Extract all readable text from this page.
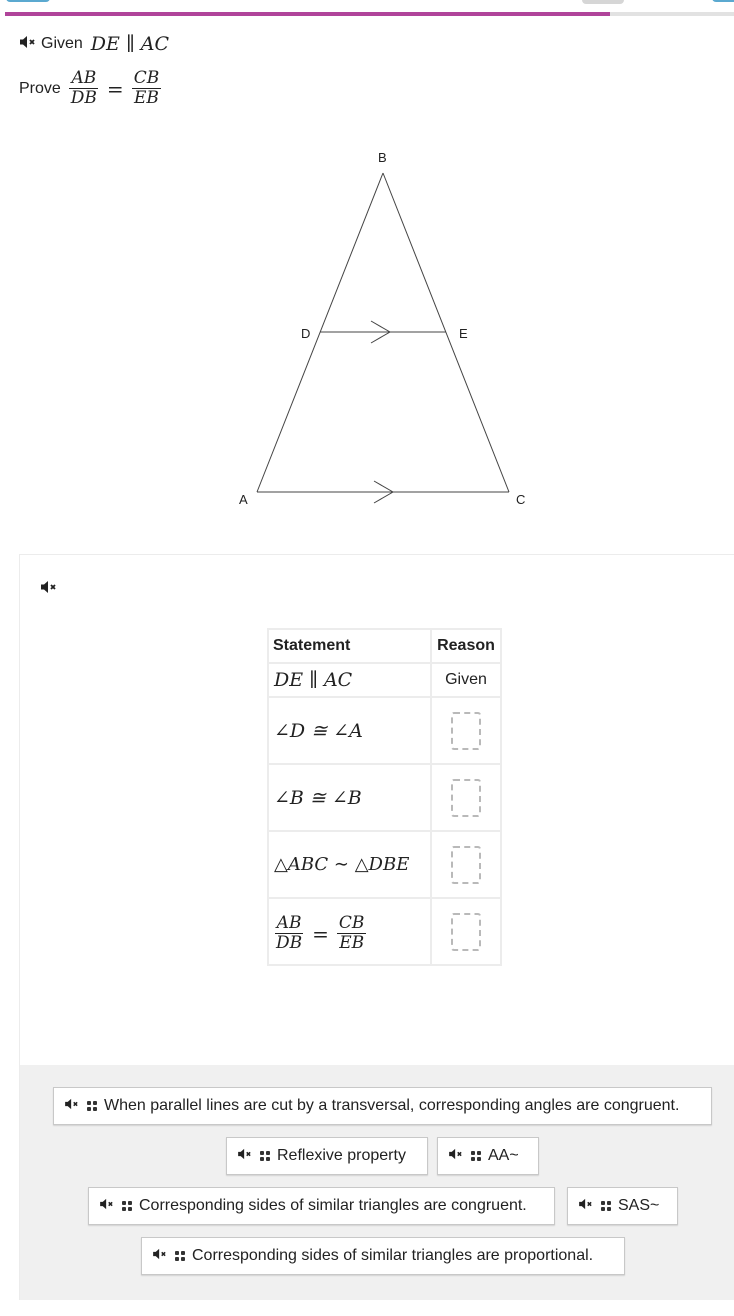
Given DE ∥ AC
Prove $\frac{AB}{DB} = \frac{CB}{EB}$
B
D	E
A	C
Statement	Reason
DE ∥ AC	Given
∠D ≅ ∠A	
∠B ≅ ∠B	
△ABC ∼ △DBE	

$\frac{AB}{DB} = \frac{CB}{EB}$

When parallel lines are cut by a transversal, corresponding angles are congruent.
Reflexive property	AA~
Corresponding sides of similar triangles are congruent.	SAS~
Corresponding sides of similar triangles are proportional.
